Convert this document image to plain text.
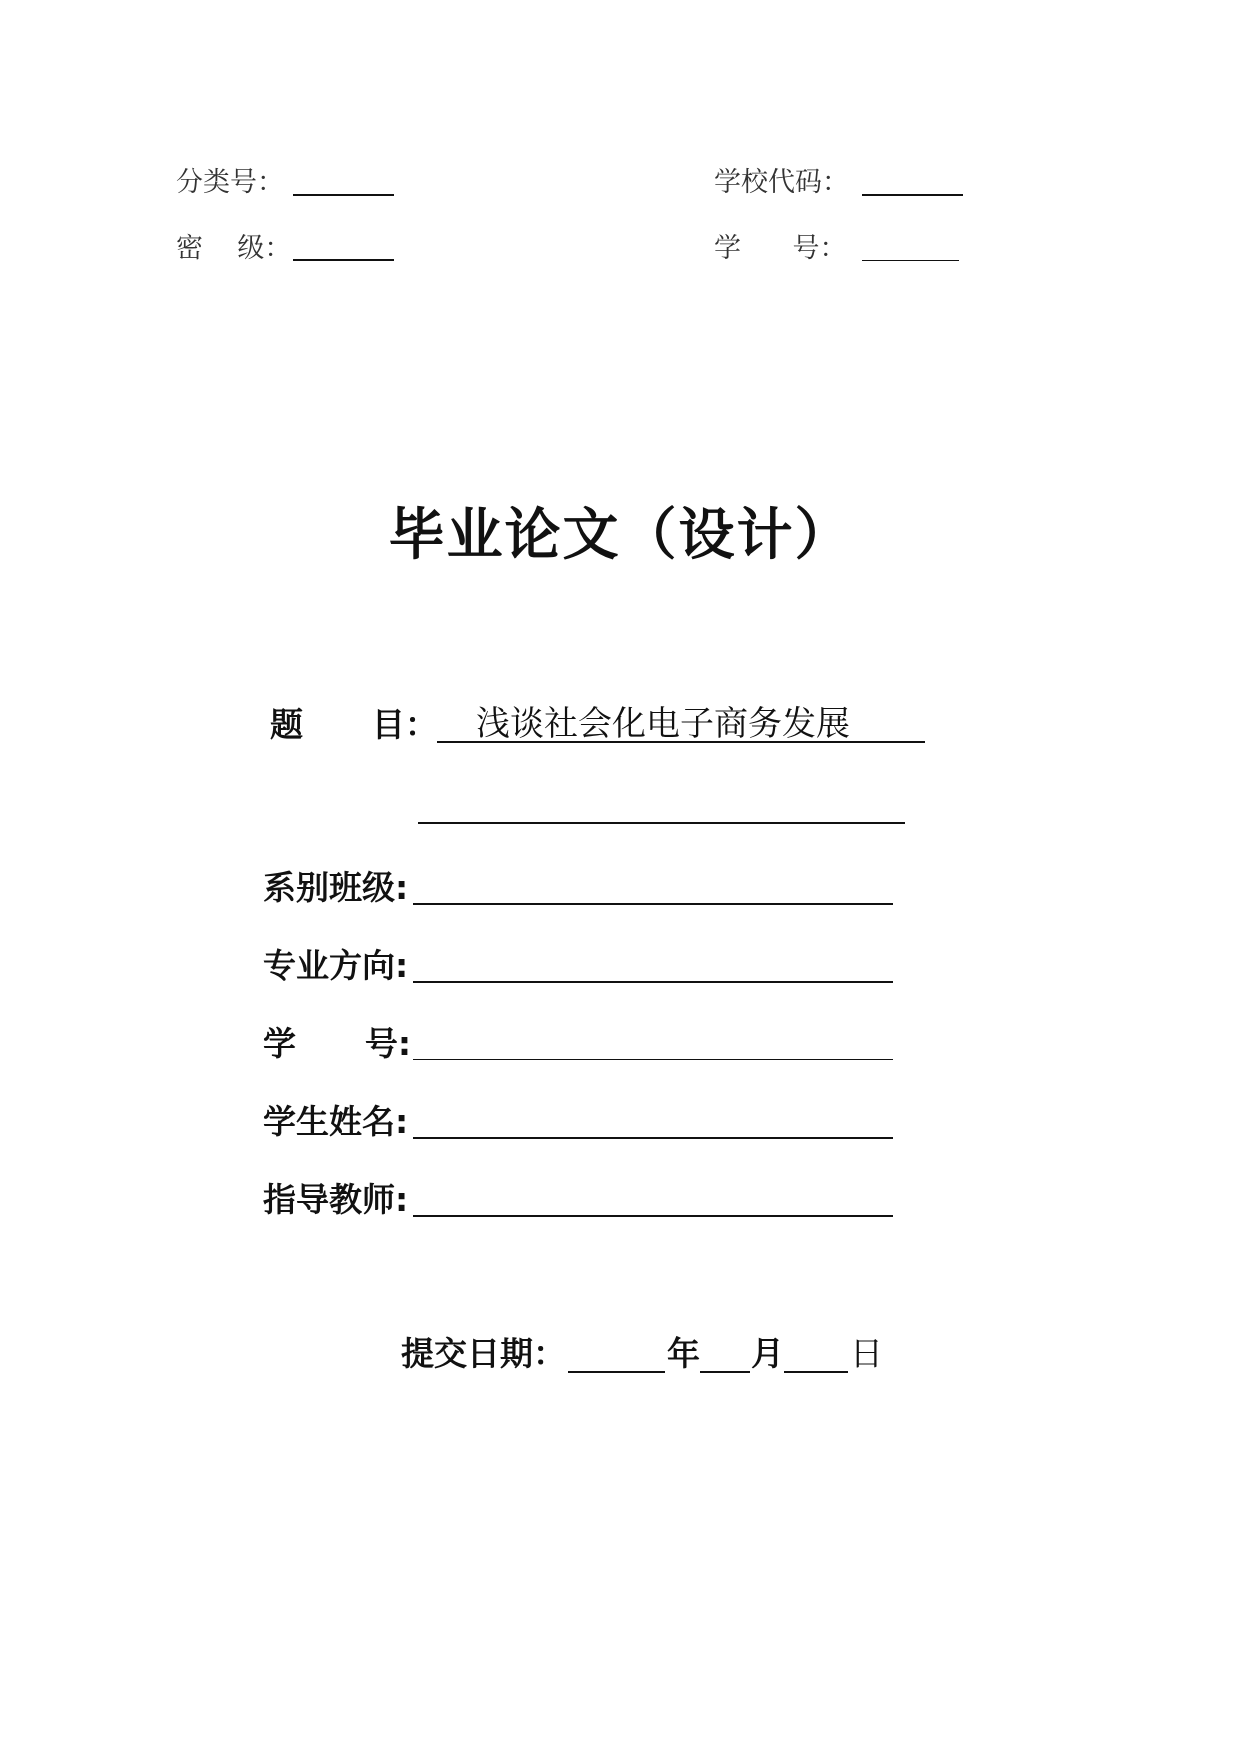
分类号：	学校代码：
密    级：	学      号：
毕业论文（设计）
题      目： 浅谈社会化电子商务发展
系别班级:
专业方向:
学      号:
学生姓名:
指导教师:
提交日期：	年 月 日
